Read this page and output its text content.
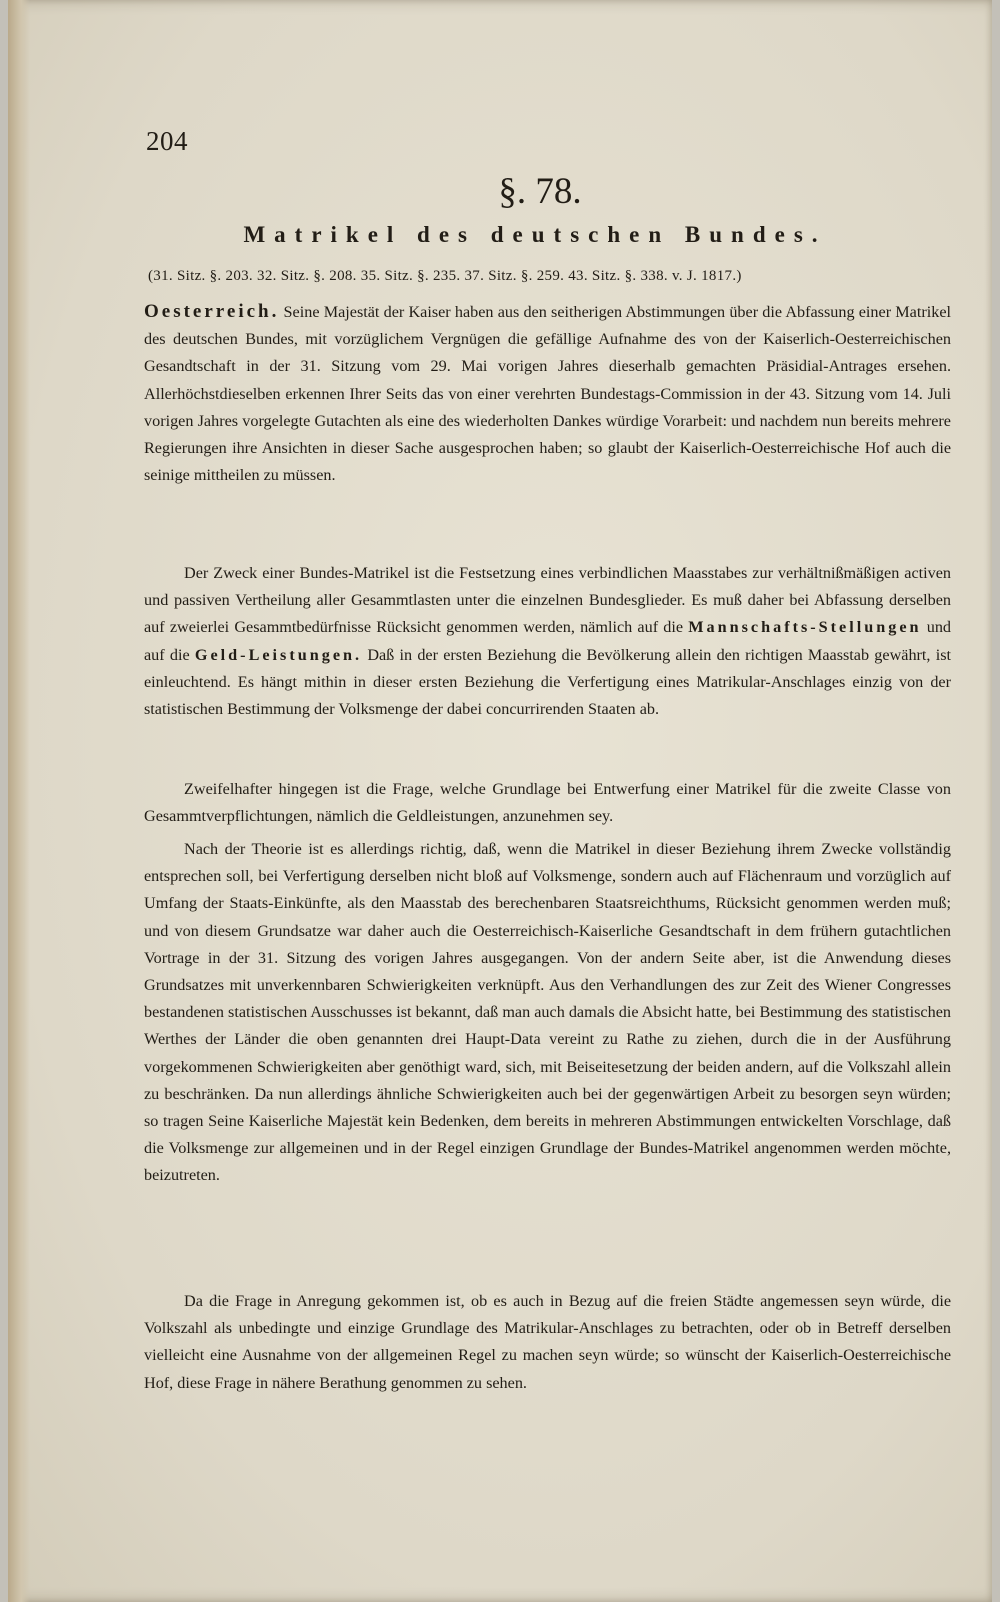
204
§. 78.
Matrikel des deutschen Bundes.
(31. Sitz. §. 203. 32. Sitz. §. 208. 35. Sitz. §. 235. 37. Sitz. §. 259. 43. Sitz. §. 338. v. J. 1817.)

Oesterreich. Seine Majestät der Kaiser haben aus den seitherigen Abstimmungen über die Abfassung einer Matrikel des deutschen Bundes, mit vorzüglichem Vergnügen die gefällige Aufnahme des von der Kaiserlich-Oesterreichischen Gesandtschaft in der 31. Sitzung vom 29. Mai vorigen Jahres dieserhalb gemachten Präsidial-Antrages ersehen. Allerhöchstdieselben erkennen Ihrer Seits das von einer verehrten Bundestags-Commission in der 43. Sitzung vom 14. Juli vorigen Jahres vorgelegte Gutachten als eine des wiederholten Dankes würdige Vorarbeit: und nachdem nun bereits mehrere Regierungen ihre Ansichten in dieser Sache ausgesprochen haben; so glaubt der Kaiserlich-Oesterreichische Hof auch die seinige mittheilen zu müssen.

Der Zweck einer Bundes-Matrikel ist die Festsetzung eines verbindlichen Maasstabes zur verhältnißmäßigen activen und passiven Vertheilung aller Gesammtlasten unter die einzelnen Bundesglieder. Es muß daher bei Abfassung derselben auf zweierlei Gesammtbedürfnisse Rücksicht genommen werden, nämlich auf die Mannschafts-Stellungen und auf die Geld-Leistungen. Daß in der ersten Beziehung die Bevölkerung allein den richtigen Maasstab gewährt, ist einleuchtend. Es hängt mithin in dieser ersten Beziehung die Verfertigung eines Matrikular-Anschlages einzig von der statistischen Bestimmung der Volksmenge der dabei concurrirenden Staaten ab.

Zweifelhafter hingegen ist die Frage, welche Grundlage bei Entwerfung einer Matrikel für die zweite Classe von Gesammtverpflichtungen, nämlich die Geldleistungen, anzunehmen sey.

Nach der Theorie ist es allerdings richtig, daß, wenn die Matrikel in dieser Beziehung ihrem Zwecke vollständig entsprechen soll, bei Verfertigung derselben nicht bloß auf Volksmenge, sondern auch auf Flächenraum und vorzüglich auf Umfang der Staats-Einkünfte, als den Maasstab des berechenbaren Staatsreichthums, Rücksicht genommen werden muß; und von diesem Grundsatze war daher auch die Oesterreichisch-Kaiserliche Gesandtschaft in dem frühern gutachtlichen Vortrage in der 31. Sitzung des vorigen Jahres ausgegangen. Von der andern Seite aber, ist die Anwendung dieses Grundsatzes mit unverkennbaren Schwierigkeiten verknüpft. Aus den Verhandlungen des zur Zeit des Wiener Congresses bestandenen statistischen Ausschusses ist bekannt, daß man auch damals die Absicht hatte, bei Bestimmung des statistischen Werthes der Länder die oben genannten drei Haupt-Data vereint zu Rathe zu ziehen, durch die in der Ausführung vorgekommenen Schwierigkeiten aber genöthigt ward, sich, mit Beiseitesetzung der beiden andern, auf die Volkszahl allein zu beschränken. Da nun allerdings ähnliche Schwierigkeiten auch bei der gegenwärtigen Arbeit zu besorgen seyn würden; so tragen Seine Kaiserliche Majestät kein Bedenken, dem bereits in mehreren Abstimmungen entwickelten Vorschlage, daß die Volksmenge zur allgemeinen und in der Regel einzigen Grundlage der Bundes-Matrikel angenommen werden möchte, beizutreten.

Da die Frage in Anregung gekommen ist, ob es auch in Bezug auf die freien Städte angemessen seyn würde, die Volkszahl als unbedingte und einzige Grundlage des Matrikular-Anschlages zu betrachten, oder ob in Betreff derselben vielleicht eine Ausnahme von der allgemeinen Regel zu machen seyn würde; so wünscht der Kaiserlich-Oesterreichische Hof, diese Frage in nähere Berathung genommen zu sehen.
